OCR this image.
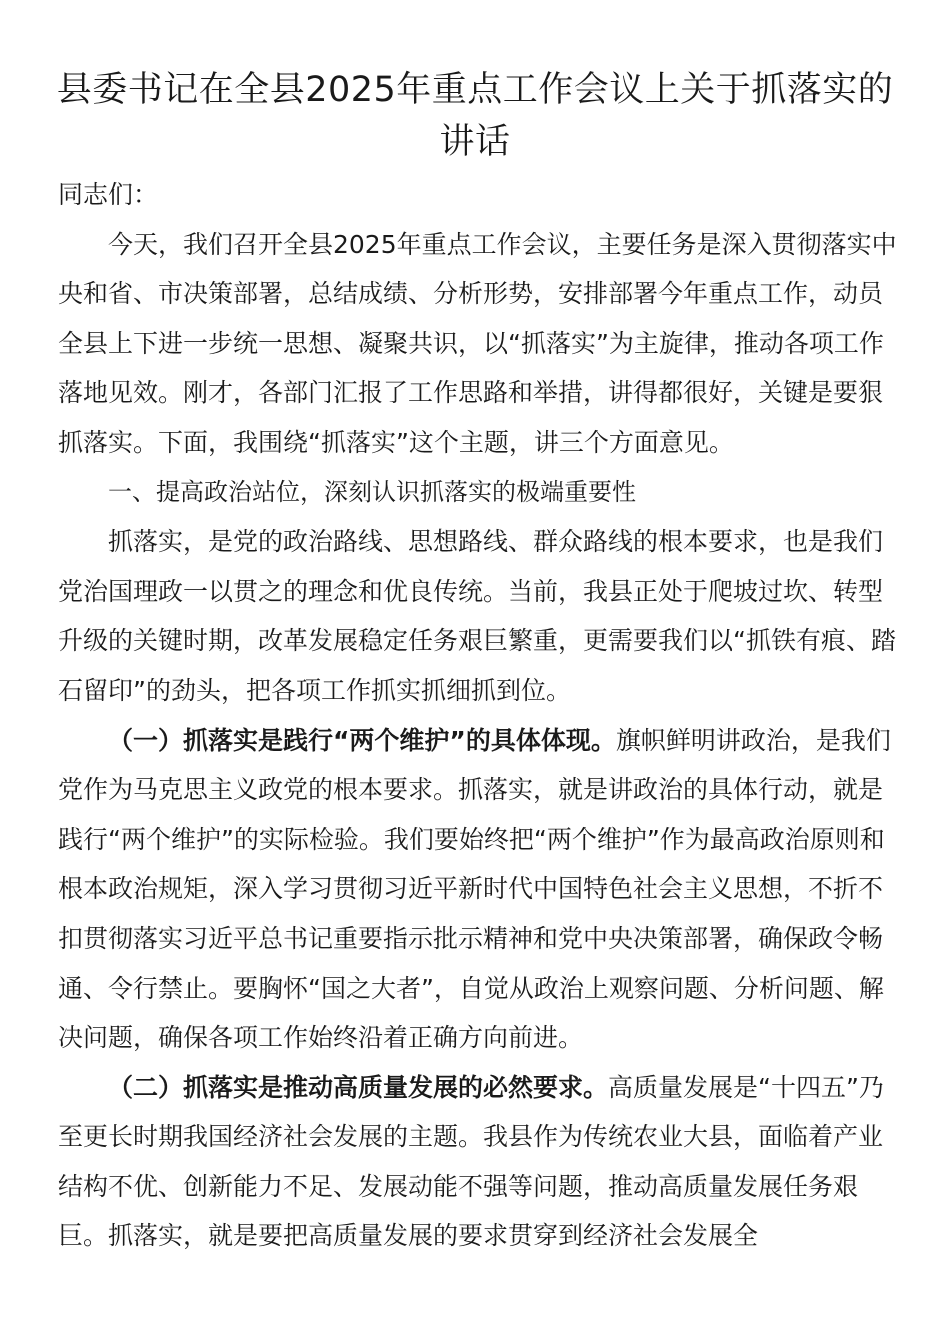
县委书记在全县2025年重点工作会议上关于抓落实的讲话

同志们：

今天，我们召开全县2025年重点工作会议，主要任务是深入贯彻落实中央和省、市决策部署，总结成绩、分析形势，安排部署今年重点工作，动员全县上下进一步统一思想、凝聚共识，以“抓落实”为主旋律，推动各项工作落地见效。刚才，各部门汇报了工作思路和举措，讲得都很好，关键是要狠抓落实。下面，我围绕“抓落实”这个主题，讲三个方面意见。

一、提高政治站位，深刻认识抓落实的极端重要性

抓落实，是党的政治路线、思想路线、群众路线的根本要求，也是我们党治国理政一以贯之的理念和优良传统。当前，我县正处于爬坡过坎、转型升级的关键时期，改革发展稳定任务艰巨繁重，更需要我们以“抓铁有痕、踏石留印”的劲头，把各项工作抓实抓细抓到位。

（一）抓落实是践行“两个维护”的具体体现。旗帜鲜明讲政治，是我们党作为马克思主义政党的根本要求。抓落实，就是讲政治的具体行动，就是践行“两个维护”的实际检验。我们要始终把“两个维护”作为最高政治原则和根本政治规矩，深入学习贯彻习近平新时代中国特色社会主义思想，不折不扣贯彻落实习近平总书记重要指示批示精神和党中央决策部署，确保政令畅通、令行禁止。要胸怀“国之大者”，自觉从政治上观察问题、分析问题、解决问题，确保各项工作始终沿着正确方向前进。

（二）抓落实是推动高质量发展的必然要求。高质量发展是“十四五”乃至更长时期我国经济社会发展的主题。我县作为传统农业大县，面临着产业结构不优、创新能力不足、发展动能不强等问题，推动高质量发展任务艰巨。抓落实，就是要把高质量发展的要求贯穿到经济社会发展全
